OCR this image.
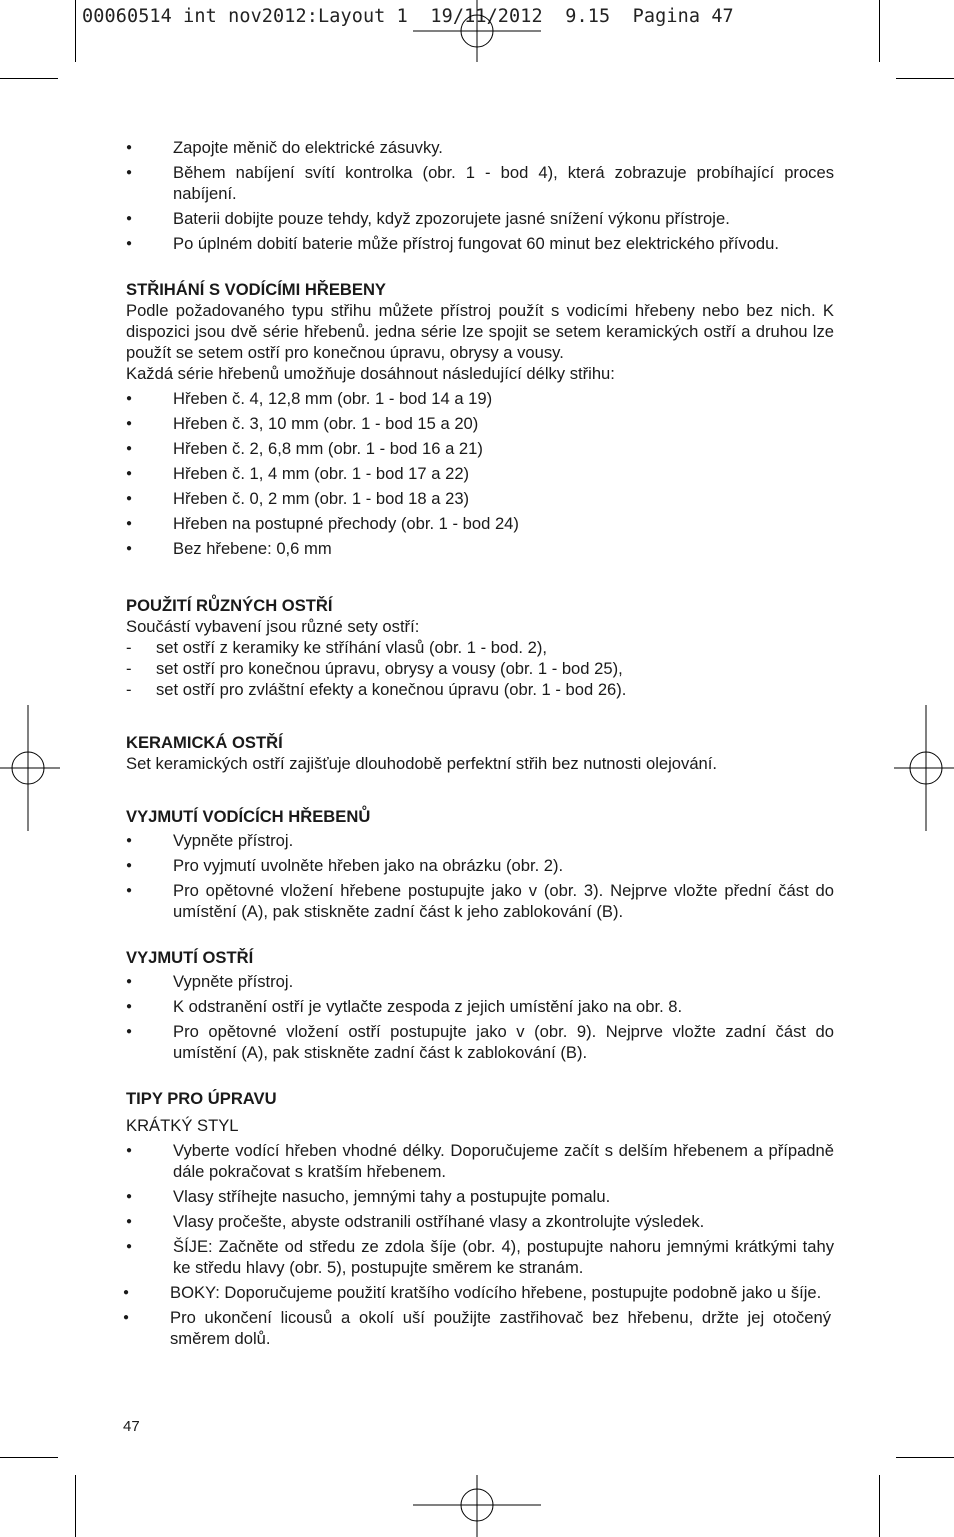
00060514 int nov2012:Layout 1  19/11/2012  9.15  Pagina 47
● Zapojte měnič do elektrické zásuvky.
● Během nabíjení svítí kontrolka (obr. 1 - bod 4), která zobrazuje probíhající proces nabíjení.
● Baterii dobijte pouze tehdy, když zpozorujete jasné snížení výkonu přístroje.
● Po úplném dobití baterie může přístroj fungovat 60 minut bez elektrického přívodu.
STŘIHÁNÍ S VODÍCÍMI HŘEBENY

Podle požadovaného typu střihu můžete přístroj použít s vodicími hřebeny nebo bez nich. K dispozici jsou dvě série hřebenů. jedna série lze spojit se setem keramických ostří a druhou lze použít se setem ostří pro konečnou úpravu, obrysy a vousy.

Každá série hřebenů umožňuje dosáhnout následující délky střihu:

● Hřeben č. 4, 12,8 mm (obr. 1 - bod 14 a 19)
● Hřeben č. 3, 10 mm (obr. 1 - bod 15 a 20)
● Hřeben č. 2, 6,8 mm (obr. 1 - bod 16 a 21)
● Hřeben č. 1, 4 mm (obr. 1 - bod 17 a 22)
● Hřeben č. 0, 2 mm (obr. 1 - bod 18 a 23)
● Hřeben na postupné přechody (obr. 1 - bod 24)
● Bez hřebene: 0,6 mm
POUŽITÍ RŮZNÝCH OSTŘÍ

Součástí vybavení jsou různé sety ostří:

- set ostří z keramiky ke stříhání vlasů (obr. 1 - bod. 2),
- set ostří pro konečnou úpravu, obrysy a vousy (obr. 1 - bod 25),
- set ostří pro zvláštní efekty a konečnou úpravu (obr. 1 - bod 26).
KERAMICKÁ OSTŘÍ

Set keramických ostří zajišťuje dlouhodobě perfektní střih bez nutnosti olejování.

VYJMUTÍ VODÍCÍCH HŘEBENŮ
● Vypněte přístroj.
● Pro vyjmutí uvolněte hřeben jako na obrázku (obr. 2).
● Pro opětovné vložení hřebene postupujte jako v (obr. 3). Nejprve vložte přední část do umístění (A), pak stiskněte zadní část k jeho zablokování (B).
VYJMUTÍ OSTŘÍ
● Vypněte přístroj.
● K odstranění ostří je vytlačte zespoda z jejich umístění jako na obr. 8.
● Pro opětovné vložení ostří postupujte jako v (obr. 9). Nejprve vložte zadní část do umístění (A), pak stiskněte zadní část k zablokování (B).
TIPY PRO ÚPRAVU

KRÁTKÝ STYL

● Vyberte vodící hřeben vhodné délky. Doporučujeme začít s delším hřebenem a případně dále pokračovat s kratším hřebenem.
● Vlasy stříhejte nasucho, jemnými tahy a postupujte pomalu.
● Vlasy pročešte, abyste odstranili ostříhané vlasy a zkontrolujte výsledek.
● ŠÍJE: Začněte od středu ze zdola šíje (obr. 4), postupujte nahoru jemnými krátkými tahy ke středu hlavy (obr. 5), postupujte směrem ke stranám.
● BOKY: Doporučujeme použití kratšího vodícího hřebene, postupujte podobně jako u šíje.
● Pro ukončení licousů a okolí uší použijte zastřihovač bez hřebenu, držte jej otočený směrem dolů.
47
